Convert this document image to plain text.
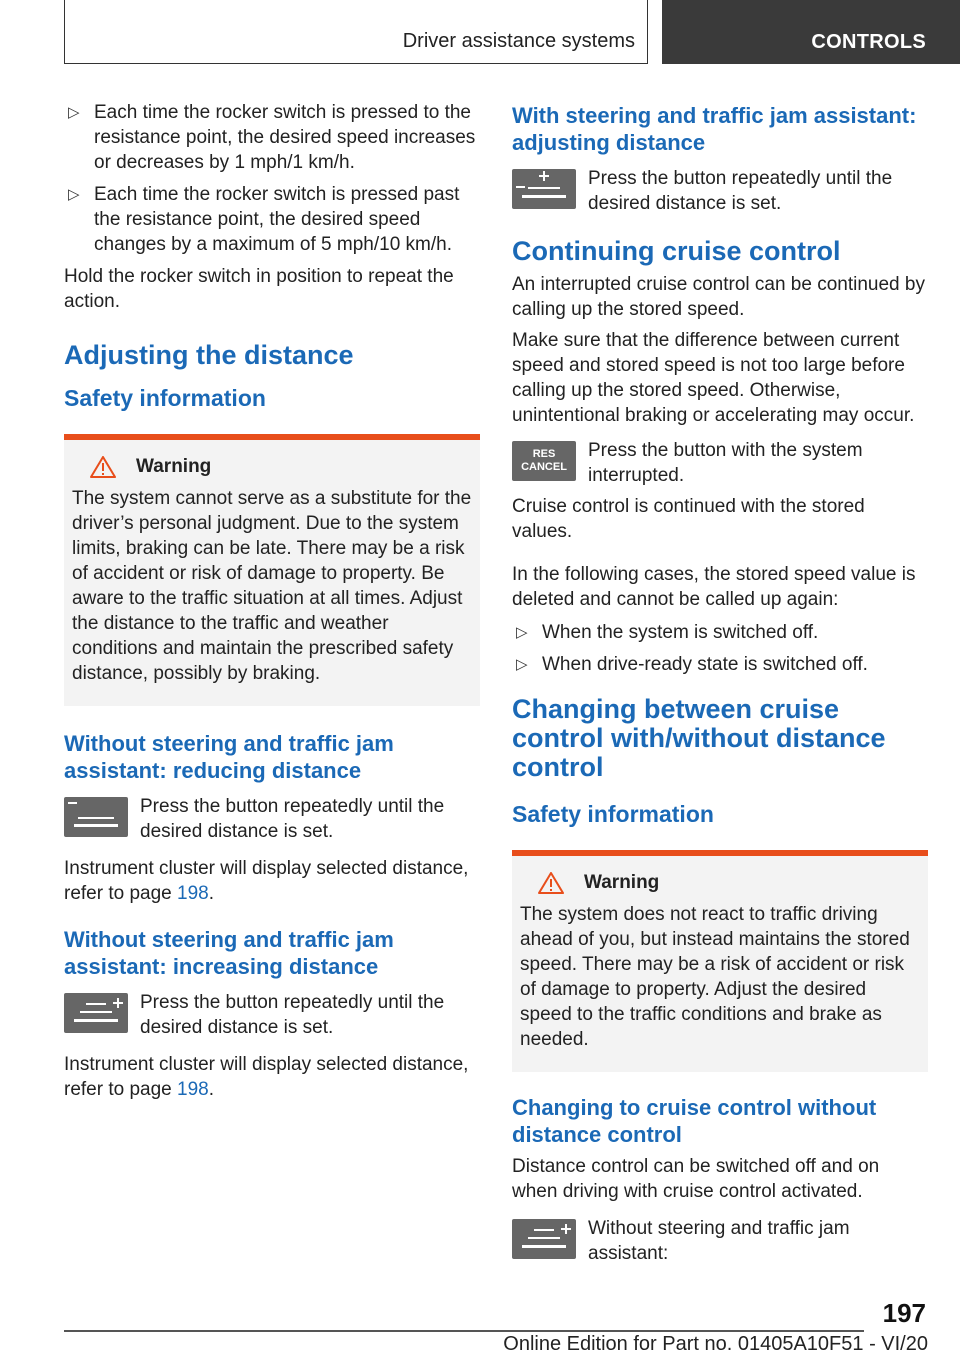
Driver assistance systems	CONTROLS
▷ Each time the rocker switch is pressed to the resistance point, the desired speed increases or decreases by 1 mph/1 km/h.
▷ Each time the rocker switch is pressed past the resistance point, the desired speed changes by a maximum of 5 mph/10 km/h.

Hold the rocker switch in position to repeat the action.

Adjusting the distance
Safety information
Warning

The system cannot serve as a substitute for the driver’s personal judgment. Due to the system limits, braking can be late. There may be a risk of accident or risk of damage to property. Be aware to the traffic situation at all times. Adjust the distance to the traffic and weather conditions and maintain the prescribed safety distance, possibly by braking.

Without steering and traffic jam assistant: reducing distance

Press the button repeatedly until the desired distance is set.

Instrument cluster will display selected distance, refer to page 198.

Without steering and traffic jam assistant: increasing distance

Press the button repeatedly until the desired distance is set.

Instrument cluster will display selected distance, refer to page 198.

With steering and traffic jam assistant: adjusting distance

Press the button repeatedly until the desired distance is set.

Continuing cruise control

An interrupted cruise control can be continued by calling up the stored speed.

Make sure that the difference between current speed and stored speed is not too large before calling up the stored speed. Otherwise, unintentional braking or accelerating may occur.

RES
CANCEL

Press the button with the system interrupted.

Cruise control is continued with the stored values.

In the following cases, the stored speed value is deleted and cannot be called up again:

▷ When the system is switched off.
▷ When drive-ready state is switched off.
Changing between cruise control with/without distance control
Safety information
Warning

The system does not react to traffic driving ahead of you, but instead maintains the stored speed. There may be a risk of accident or risk of damage to property. Adjust the desired speed to the traffic conditions and brake as needed.

Changing to cruise control without distance control

Distance control can be switched off and on when driving with cruise control activated.

Without steering and traffic jam assistant:

197
Online Edition for Part no. 01405A10F51 - VI/20
